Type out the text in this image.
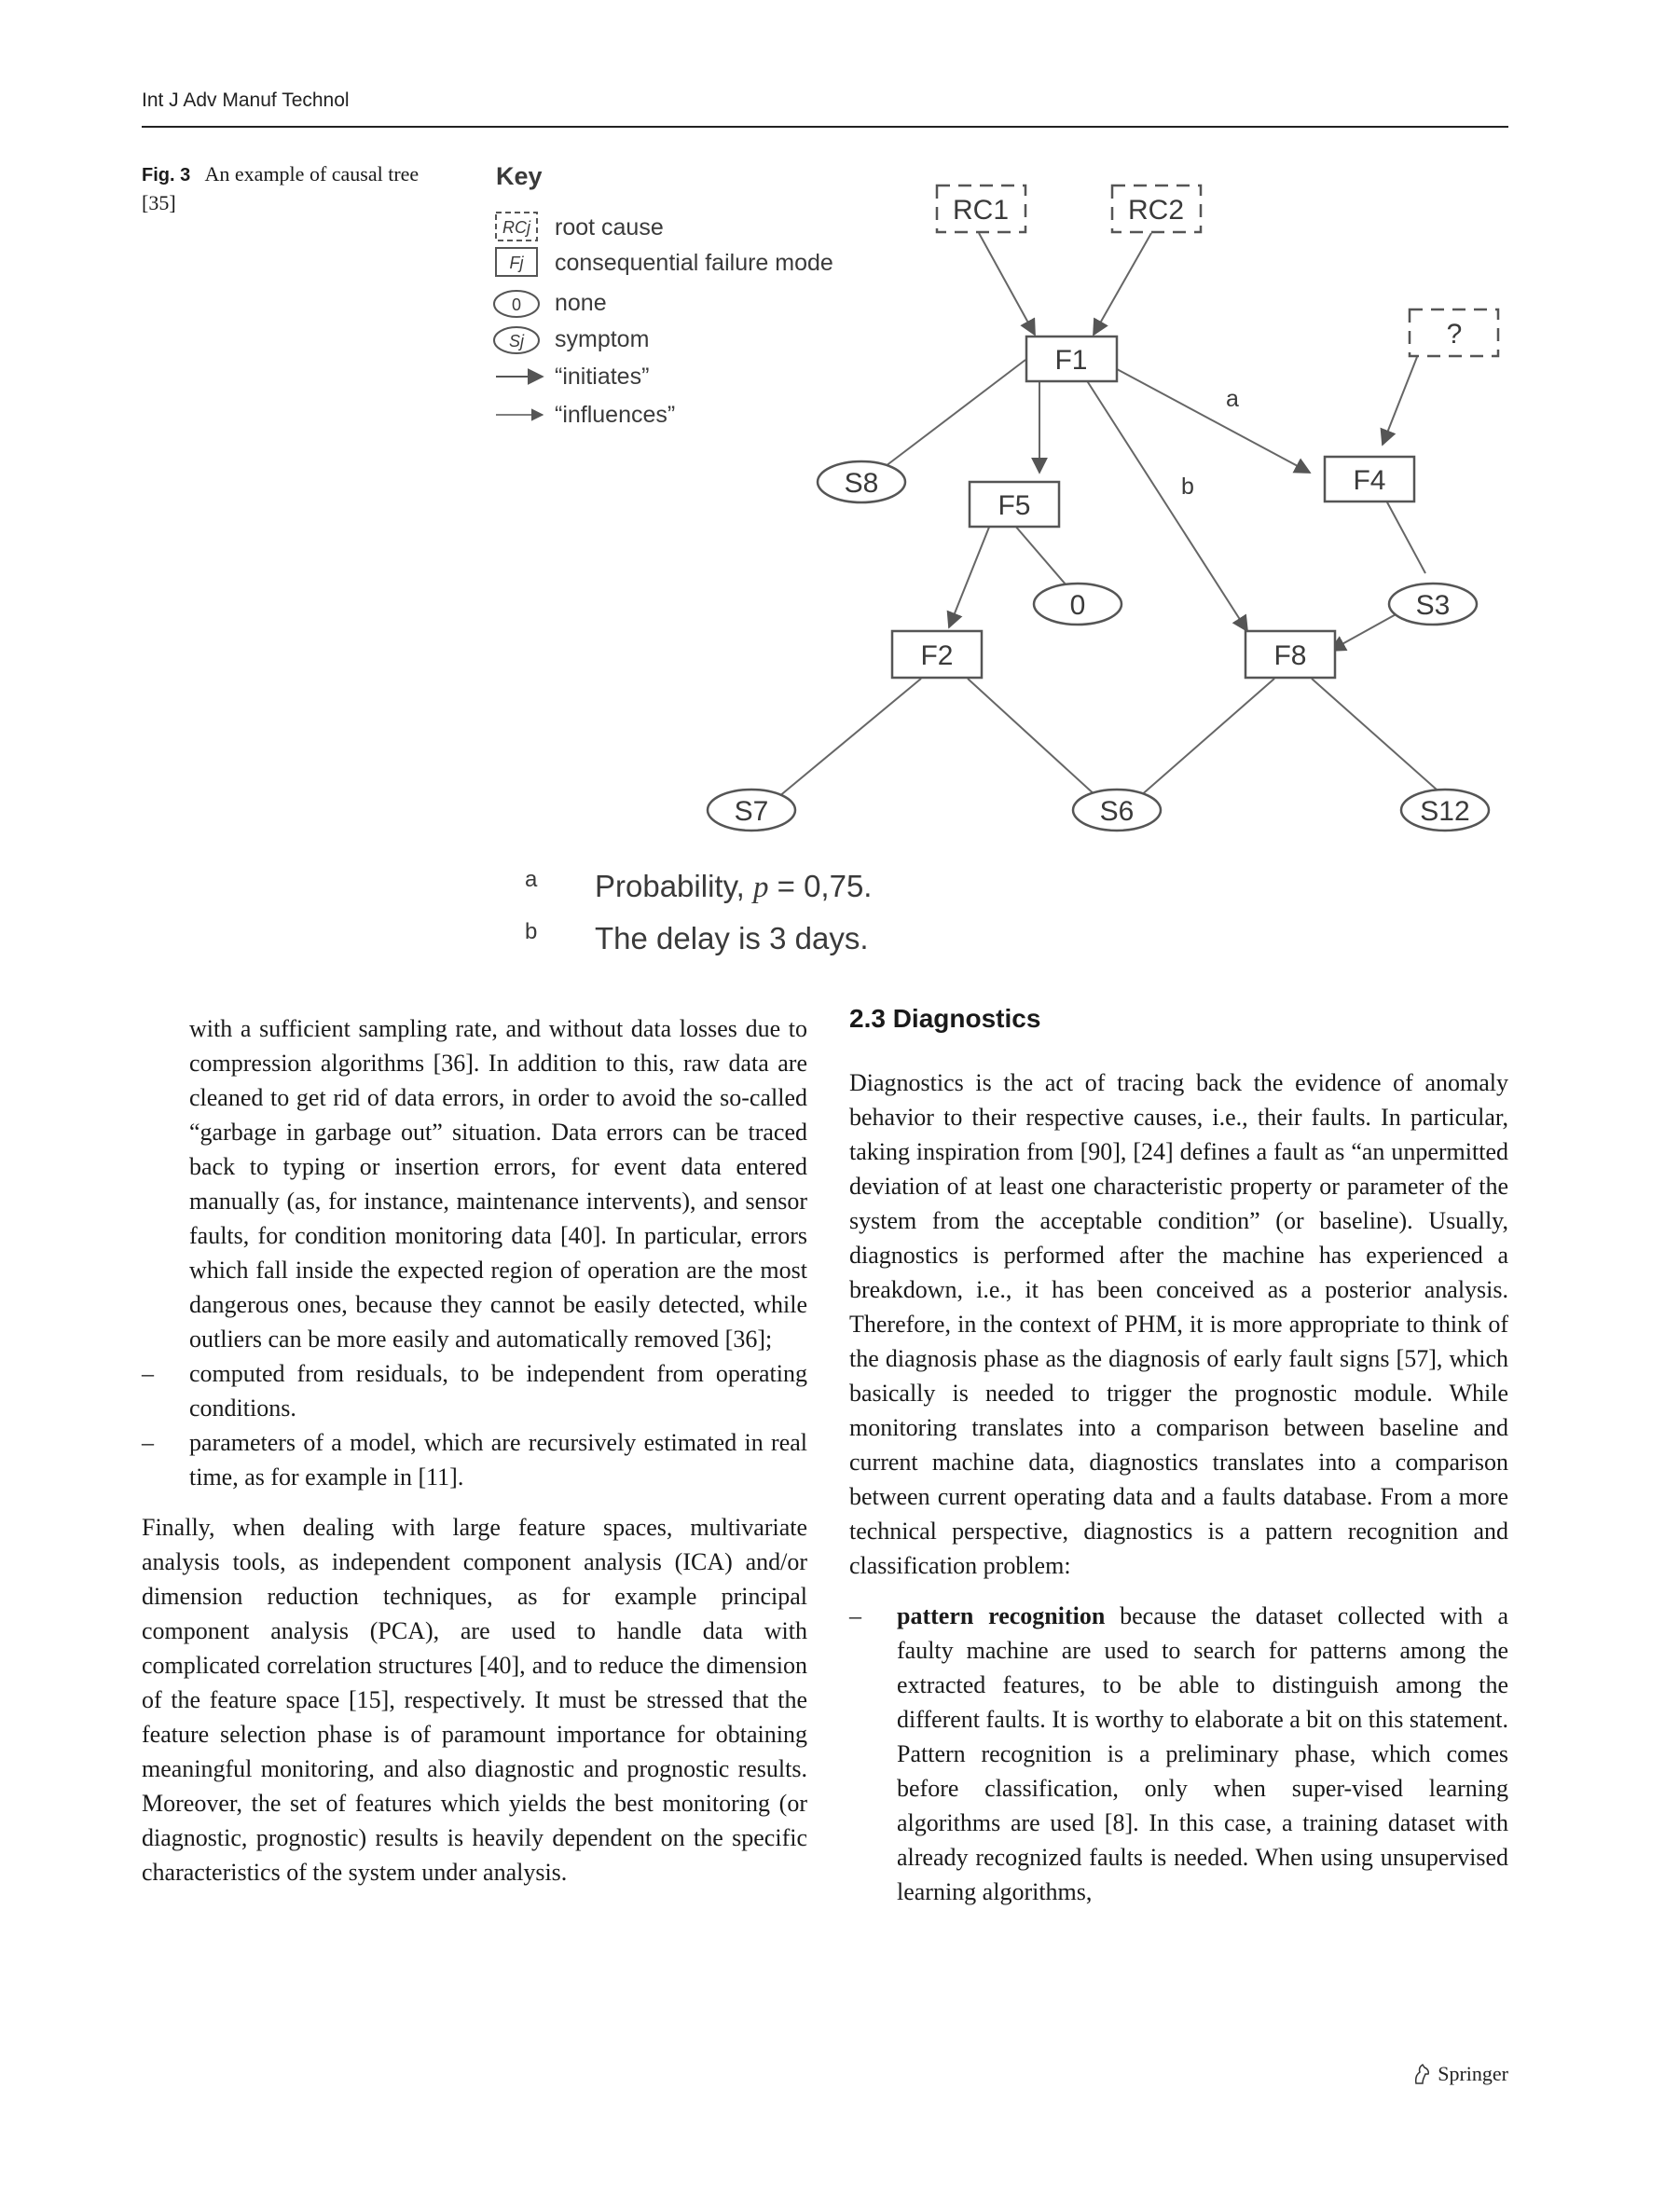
Int J Adv Manuf Technol
Fig. 3 An example of causal tree [35]
Key
RCj root cause
Fj consequential failure mode
0 none
Sj symptom
“initiates”
“influences”
a
b
RC1	RC2
?
F1
F4
F5
F2	F8
S8
0	S3
S7	S6	S12
a Probability, p = 0,75.
b The delay is 3 days.

with a sufficient sampling rate, and without data losses due to compression algorithms [36]. In addition to this, raw data are cleaned to get rid of data errors, in order to avoid the so-called “garbage in garbage out” situation. Data errors can be traced back to typing or insertion errors, for event data entered manually (as, for instance, maintenance intervents), and sensor faults, for condition monitoring data [40]. In particular, errors which fall inside the expected region of operation are the most dangerous ones, because they cannot be easily detected, while outliers can be more easily and automatically removed [36];

– computed from residuals, to be independent from operating conditions.
– parameters of a model, which are recursively estimated in real time, as for example in [11].

Finally, when dealing with large feature spaces, multivariate analysis tools, as independent component analysis (ICA) and/or dimension reduction techniques, as for example principal component analysis (PCA), are used to handle data with complicated correlation structures [40], and to reduce the dimension of the feature space [15], respectively. It must be stressed that the feature selection phase is of paramount importance for obtaining meaningful monitoring, and also diagnostic and prognostic results. Moreover, the set of features which yields the best monitoring (or diagnostic, prognostic) results is heavily dependent on the specific characteristics of the system under analysis.

2.3 Diagnostics

Diagnostics is the act of tracing back the evidence of anomaly behavior to their respective causes, i.e., their faults. In particular, taking inspiration from [90], [24] defines a fault as “an unpermitted deviation of at least one characteristic property or parameter of the system from the acceptable condition” (or baseline). Usually, diagnostics is performed after the machine has experienced a breakdown, i.e., it has been conceived as a posterior analysis. Therefore, in the context of PHM, it is more appropriate to think of the diagnosis phase as the diagnosis of early fault signs [57], which basically is needed to trigger the prognostic module. While monitoring translates into a comparison between baseline and current machine data, diagnostics translates into a comparison between current operating data and a faults database. From a more technical perspective, diagnostics is a pattern recognition and classification problem:

– pattern recognition because the dataset collected with a faulty machine are used to search for patterns among the extracted features, to be able to distinguish among the different faults. It is worthy to elaborate a bit on this statement. Pattern recognition is a preliminary phase, which comes before classification, only when super-vised learning algorithms are used [8]. In this case, a training dataset with already recognized faults is needed. When using unsupervised learning algorithms,
Springer
